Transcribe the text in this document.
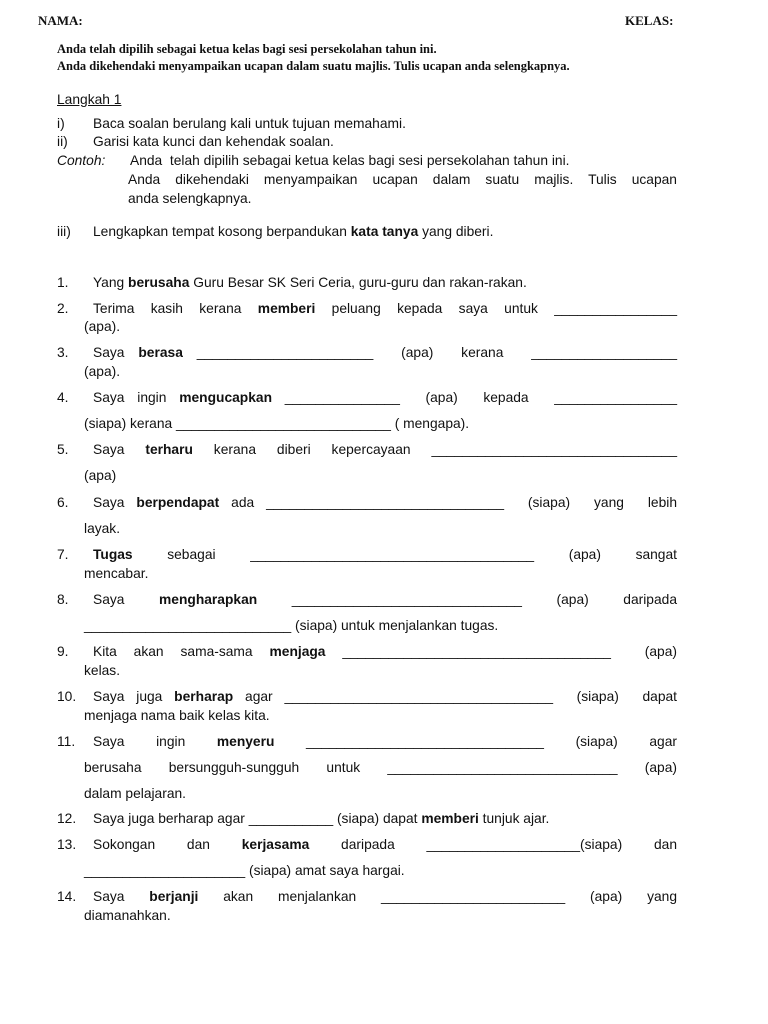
NAMA:	KELAS:
Anda telah dipilih sebagai ketua kelas bagi sesi persekolahan tahun ini.
Anda dikehendaki menyampaikan ucapan dalam suatu majlis. Tulis ucapan anda selengkapnya.
Langkah 1
i) Baca soalan berulang kali untuk tujuan memahami.
ii) Garisi kata kunci dan kehendak soalan.
Contoh: Anda  telah dipilih sebagai ketua kelas bagi sesi persekolahan tahun ini.
Anda dikehendaki menyampaikan ucapan dalam suatu majlis. Tulis ucapan
anda selengkapnya.
iii) Lengkapkan tempat kosong berpandukan kata tanya yang diberi.
1. Yang berusaha Guru Besar SK Seri Ceria, guru-guru dan rakan-rakan.
2. Terima kasih kerana memberi peluang kepada saya untuk ________________
(apa).
3. Saya berasa _______________________  (apa)  kerana  ___________________
(apa).
4. Saya ingin mengucapkan _______________  (apa)  kepada  ________________
(siapa) kerana ____________________________ ( mengapa).
5. Saya terharu kerana diberi kepercayaan ________________________________
(apa)
6. Saya berpendapat ada _______________________________  (siapa)  yang  lebih
layak.
7. Tugas  sebagai  _____________________________________  (apa)  sangat
mencabar.
8. Saya  mengharapkan  ______________________________  (apa)  daripada
___________________________ (siapa) untuk menjalankan tugas.
9. Kita akan sama-sama menjaga ___________________________________  (apa)
kelas.
10. Saya juga berharap agar ___________________________________  (siapa)  dapat
menjaga nama baik kelas kita.
11. Saya  ingin  menyeru  _______________________________  (siapa)  agar
berusaha  bersungguh-sungguh  untuk  ______________________________  (apa)
dalam pelajaran.
12. Saya juga berharap agar ___________ (siapa) dapat memberi tunjuk ajar.
13. Sokongan  dan  kerjasama  daripada  ____________________(siapa)  dan
_____________________ (siapa) amat saya hargai.
14. Saya  berjanji  akan  menjalankan  ________________________  (apa)  yang
diamanahkan.
